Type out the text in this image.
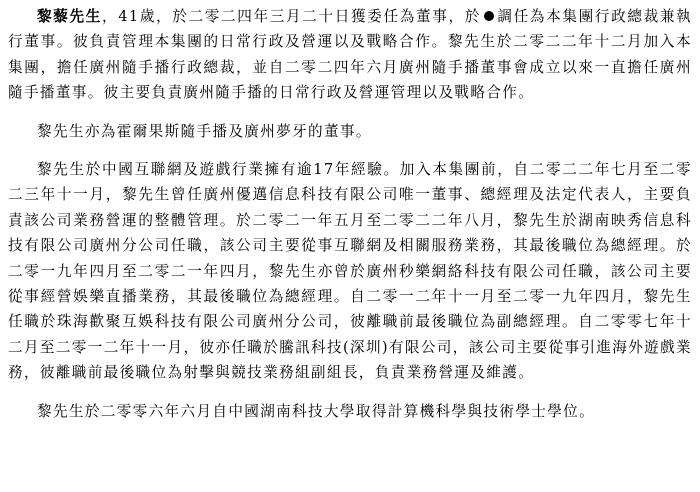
黎藜先生，41歲，於二零二四年三月二十日獲委任為董事，於 調任為本集團行政總裁兼執行董事。彼負責管理本集團的日常行政及營運以及戰略合作。黎先生於二零二二年十二月加入本集團，擔任廣州隨手播行政總裁，並自二零二四年六月廣州隨手播董事會成立以來一直擔任廣州隨手播董事。彼主要負責廣州隨手播的日常行政及營運管理以及戰略合作。

黎先生亦為霍爾果斯隨手播及廣州夢牙的董事。

黎先生於中國互聯網及遊戲行業擁有逾17年經驗。加入本集團前，自二零二二年七月至二零二三年十一月，黎先生曾任廣州優邁信息科技有限公司唯一董事、總經理及法定代表人，主要負責該公司業務營運的整體管理。於二零二一年五月至二零二二年八月，黎先生於湖南映秀信息科技有限公司廣州分公司任職，該公司主要從事互聯網及相關服務業務，其最後職位為總經理。於二零一九年四月至二零二一年四月，黎先生亦曾於廣州秒樂網絡科技有限公司任職，該公司主要從事經營娛樂直播業務，其最後職位為總經理。自二零一二年十一月至二零一九年四月，黎先生任職於珠海歡聚互娛科技有限公司廣州分公司，彼離職前最後職位為副總經理。自二零零七年十二月至二零一二年十一月，彼亦任職於騰訊科技(深圳)有限公司，該公司主要從事引進海外遊戲業務，彼離職前最後職位為射擊與競技業務組副組長，負責業務營運及維護。

黎先生於二零零六年六月自中國湖南科技大學取得計算機科學與技術學士學位。
